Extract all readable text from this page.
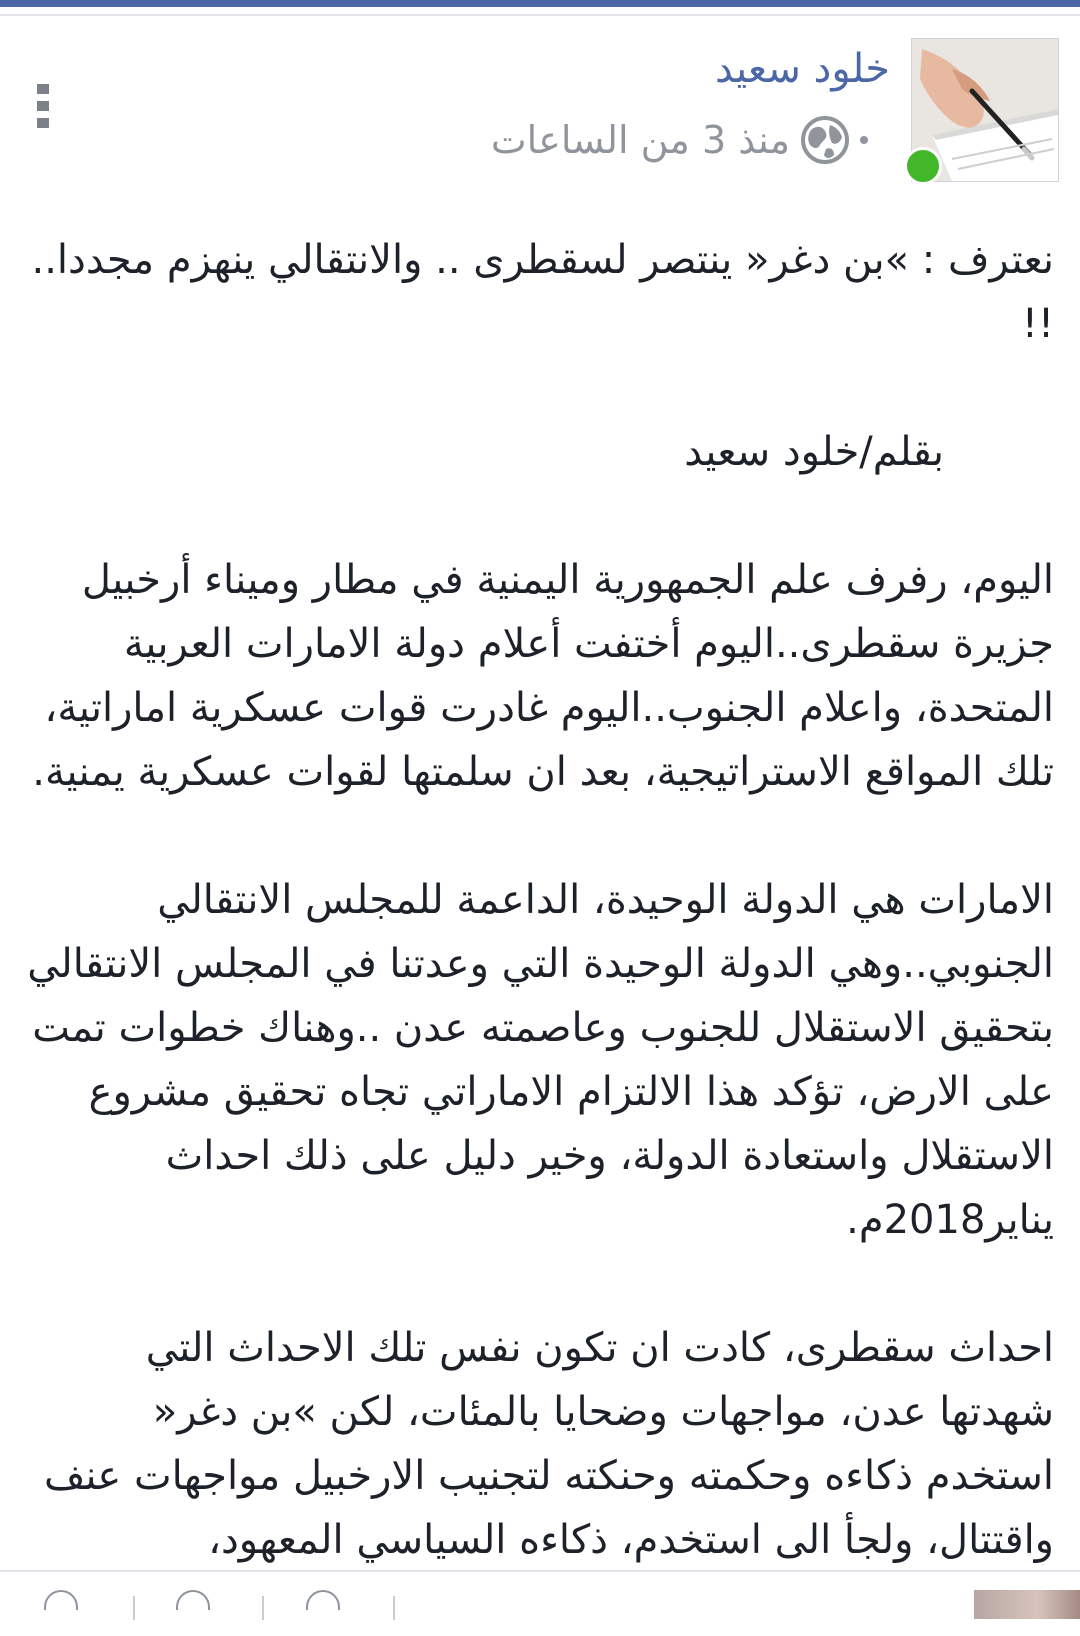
خلود سعيد
منذ 3 من الساعات

نعترف : »بن دغر« ينتصر لسقطرى .. والانتقالي ينهزم مجددا.. !!

بقلم/خلود سعيد

اليوم، رفرف علم الجمهورية اليمنية في مطار وميناء أرخبيل جزيرة سقطرى..اليوم أختفت أعلام دولة الامارات العربية المتحدة، واعلام الجنوب..اليوم غادرت قوات عسكرية اماراتية، تلك المواقع الاستراتيجية، بعد ان سلمتها لقوات عسكرية يمنية.

الامارات هي الدولة الوحيدة، الداعمة للمجلس الانتقالي الجنوبي..وهي الدولة الوحيدة التي وعدتنا في المجلس الانتقالي بتحقيق الاستقلال للجنوب وعاصمته عدن ..وهناك خطوات تمت على الارض، تؤكد هذا الالتزام الاماراتي تجاه تحقيق مشروع الاستقلال واستعادة الدولة، وخير دليل على ذلك احداث يناير2018م.

احداث سقطرى، كادت ان تكون نفس تلك الاحداث التي شهدتها عدن، مواجهات وضحايا بالمئات، لكن »بن دغر« استخدم ذكاءه وحكمته وحنكته لتجنيب الارخبيل مواجهات عنف واقتتال، ولجأ الى استخدم، ذكاءه السياسي المعهود،
